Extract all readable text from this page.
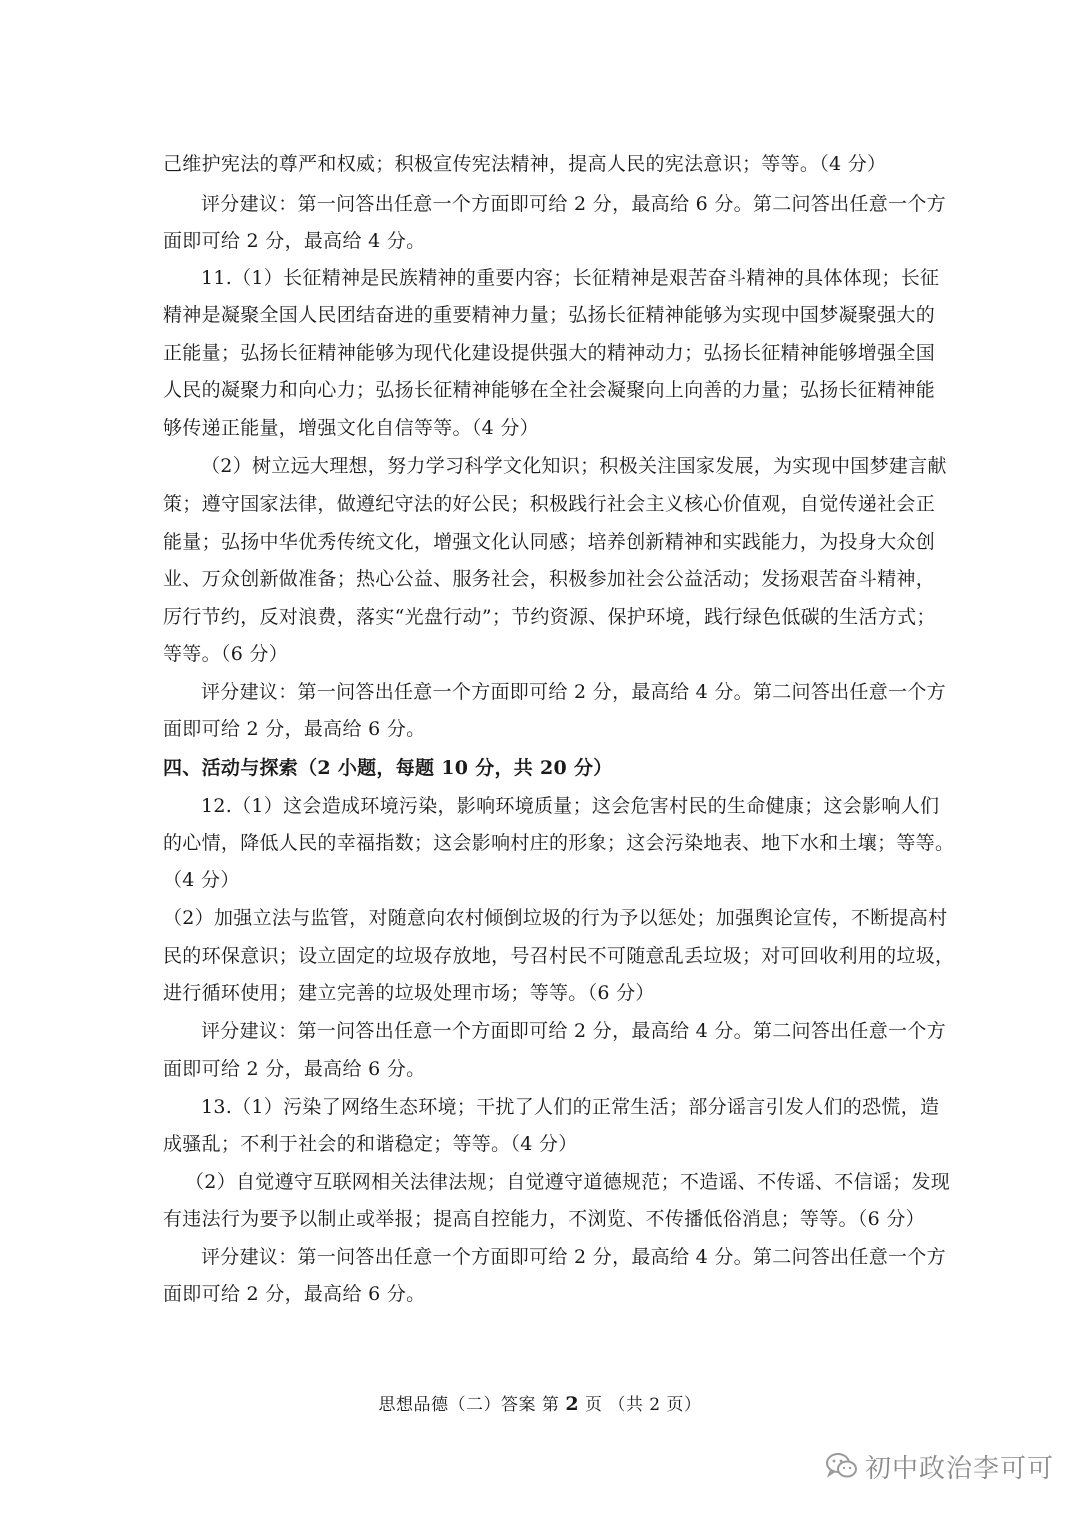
己维护宪法的尊严和权威；积极宣传宪法精神，提高人民的宪法意识；等等。（4 分）
评分建议：第一问答出任意一个方面即可给 2 分，最高给 6 分。第二问答出任意一个方
面即可给 2 分，最高给 4 分。
11.（1）长征精神是民族精神的重要内容；长征精神是艰苦奋斗精神的具体体现；长征
精神是凝聚全国人民团结奋进的重要精神力量；弘扬长征精神能够为实现中国梦凝聚强大的
正能量；弘扬长征精神能够为现代化建设提供强大的精神动力；弘扬长征精神能够增强全国
人民的凝聚力和向心力；弘扬长征精神能够在全社会凝聚向上向善的力量；弘扬长征精神能
够传递正能量，增强文化自信等等。（4 分）
（2）树立远大理想，努力学习科学文化知识；积极关注国家发展，为实现中国梦建言献
策；遵守国家法律，做遵纪守法的好公民；积极践行社会主义核心价值观，自觉传递社会正
能量；弘扬中华优秀传统文化，增强文化认同感；培养创新精神和实践能力，为投身大众创
业、万众创新做准备；热心公益、服务社会，积极参加社会公益活动；发扬艰苦奋斗精神，
厉行节约，反对浪费，落实“光盘行动”；节约资源、保护环境，践行绿色低碳的生活方式；
等等。（6 分）
评分建议：第一问答出任意一个方面即可给 2 分，最高给 4 分。第二问答出任意一个方
面即可给 2 分，最高给 6 分。
四、活动与探索（2 小题，每题 10 分，共 20 分）
12.（1）这会造成环境污染，影响环境质量；这会危害村民的生命健康；这会影响人们
的心情，降低人民的幸福指数；这会影响村庄的形象；这会污染地表、地下水和土壤；等等。
（4 分）
（2）加强立法与监管，对随意向农村倾倒垃圾的行为予以惩处；加强舆论宣传，不断提高村
民的环保意识；设立固定的垃圾存放地，号召村民不可随意乱丢垃圾；对可回收利用的垃圾，
进行循环使用；建立完善的垃圾处理市场；等等。（6 分）
评分建议：第一问答出任意一个方面即可给 2 分，最高给 4 分。第二问答出任意一个方
面即可给 2 分，最高给 6 分。
13.（1）污染了网络生态环境；干扰了人们的正常生活；部分谣言引发人们的恐慌，造
成骚乱；不利于社会的和谐稳定；等等。（4 分）
（2）自觉遵守互联网相关法律法规；自觉遵守道德规范；不造谣、不传谣、不信谣；发现
有违法行为要予以制止或举报；提高自控能力，不浏览、不传播低俗消息；等等。（6 分）
评分建议：第一问答出任意一个方面即可给 2 分，最高给 4 分。第二问答出任意一个方
面即可给 2 分，最高给 6 分。
思想品德（二）答案 第 2 页 （共 2 页）
初中政治李可可
